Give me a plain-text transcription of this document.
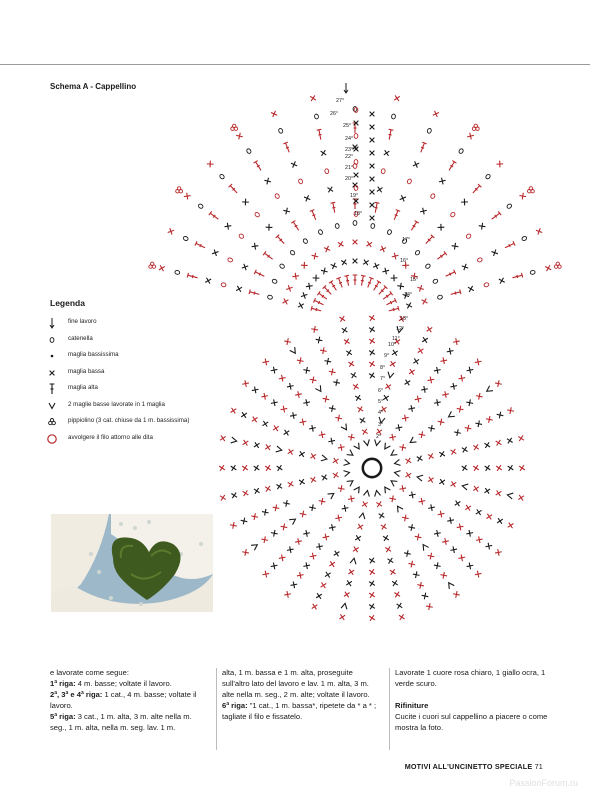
Schema A - Cappellino
2°
3°
4°
5°
6°
7°
8°
9°
10°
11°
12°
13°
14°
15°
16°
17°
18°
19°
20°
21°
22°
23°
24°
25°
26°
27°
Legenda
fine lavoro
catenella
maglia bassissima
maglia bassa
maglia alta
2 maglie basse lavorate in 1 maglia
pippiolino (3 cat. chiuse da 1 m. bassissima)
avvolgere il filo attorno alle dita

e lavorate come segue:

1ª riga: 4 m. basse; voltate il lavoro.

2ª, 3ª e 4ª riga: 1 cat., 4 m. basse; voltate il lavoro.

5ª riga: 3 cat., 1 m. alta, 3 m. alte nella m. seg., 1 m. alta, nella m. seg. lav. 1 m.

alta, 1 m. bassa e 1 m. alta, proseguite sull'altro lato del lavoro e lav. 1 m. alta, 3 m. alte nella m. seg., 2 m. alte; voltate il lavoro.

6ª riga: "1 cat., 1 m. bassa*, ripetete da * a * ; tagliate il filo e fissatelo.

Lavorate 1 cuore rosa chiaro, 1 giallo ocra, 1 verde scuro.

Rifiniture

Cucite i cuori sul cappellino a piacere o come mostra la foto.

MOTIVI ALL'UNCINETTO SPECIALE 71
PassionForum.ru
